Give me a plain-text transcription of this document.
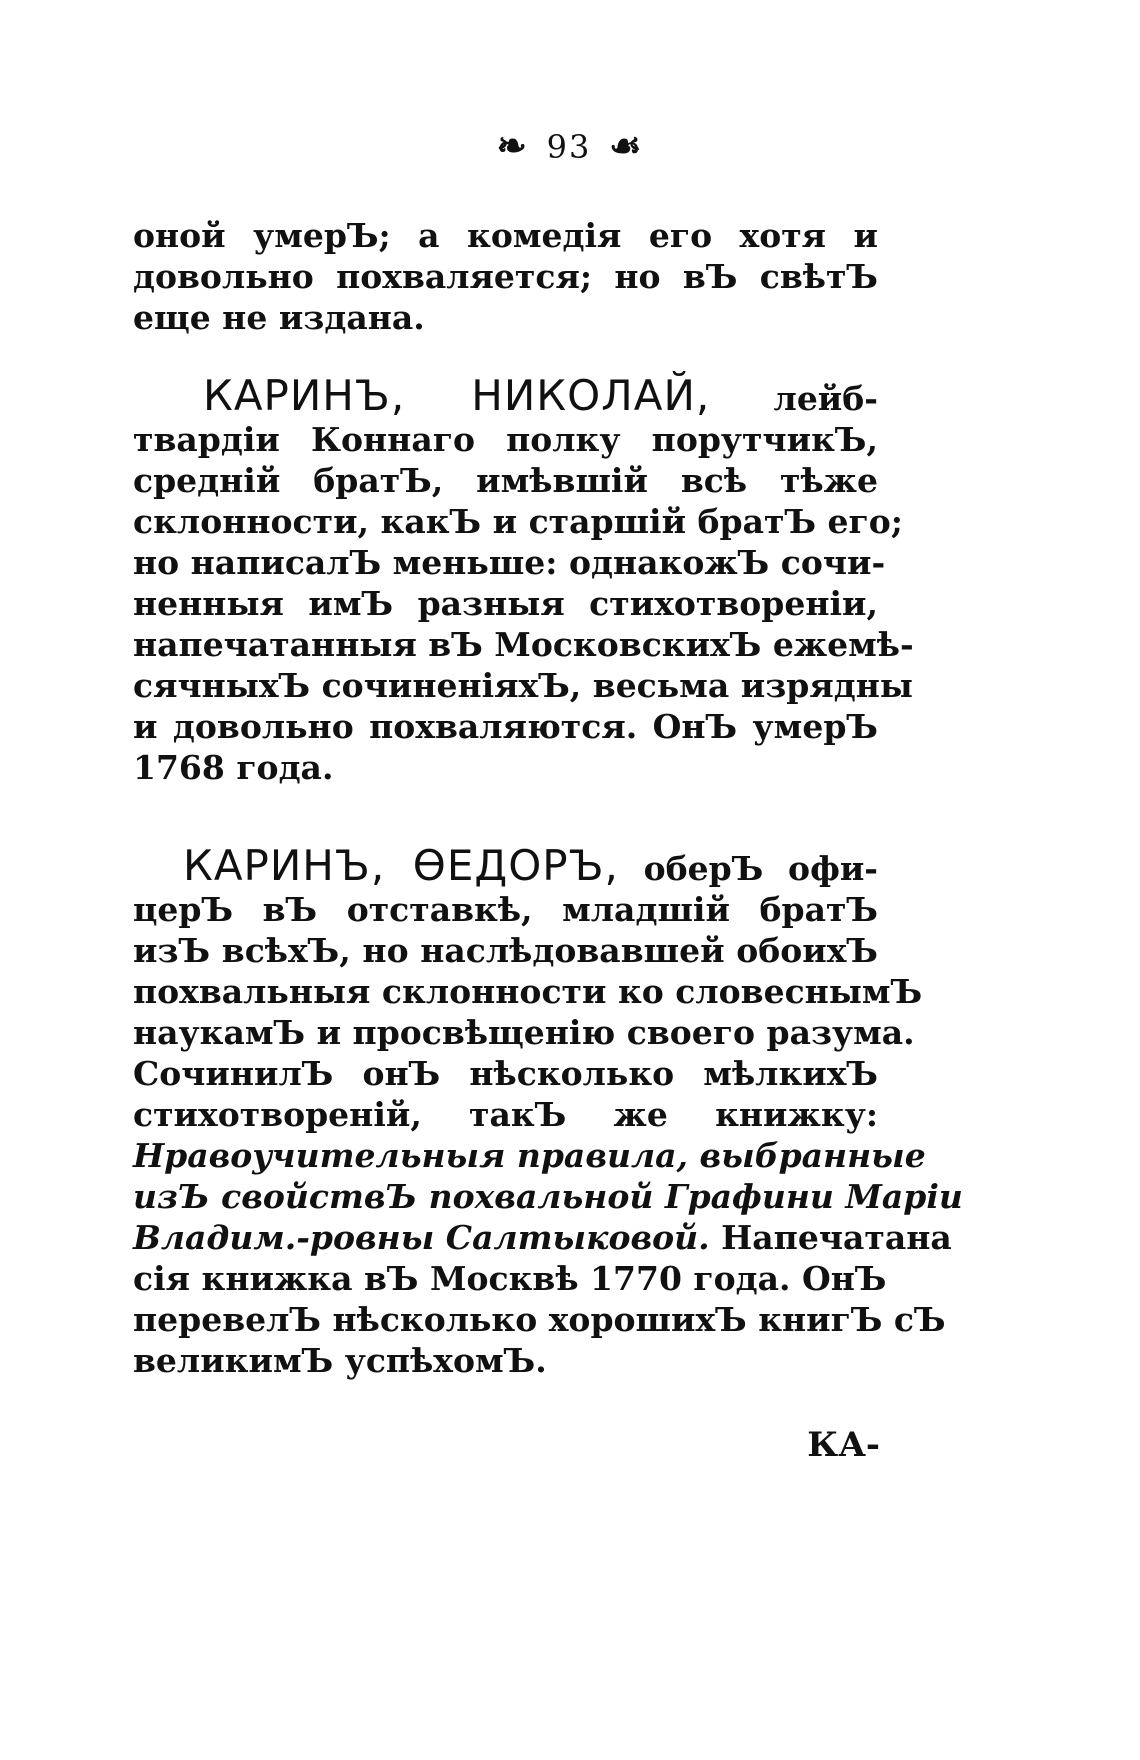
❧ 93 ☙
оной умерЪ; а комедія его хотя и
довольно похваляется; но вЪ свѣтЪ
еще не издана.
КАРИНЪ, НИКОЛАЙ, лейб-
твардіи Коннаго полку порутчикЪ,
средній братЪ, имѣвшій всѣ тѣже
склонности, какЪ и старшій братЪ его;
но написалЪ меньше: однакожЪ сочи-
ненныя имЪ разныя стихотвореніи,
напечатанныя вЪ МосковскихЪ ежемѣ-
сячныхЪ сочиненіяхЪ, весьма изрядны
и довольно похваляются. ОнЪ умерЪ
1768 года.
КАРИНЪ, ѲЕДОРЪ, оберЪ офи-
церЪ вЪ отставкѣ, младшій братЪ
изЪ всѣхЪ, но наслѣдовавшей обоихЪ
похвальныя склонности ко словеснымЪ
наукамЪ и просвѣщенію своего разума.
СочинилЪ онЪ нѣсколько мѣлкихЪ
стихотвореній, такЪ же книжку:
Нравоучительныя правила, выбранные
изЪ свойствЪ похвальной Графини Маріи
Владим.-ровны Салтыковой. Напечатана
сія книжка вЪ Москвѣ 1770 года. ОнЪ
перевелЪ нѣсколько хорошихЪ книгЪ сЪ
великимЪ успѣхомЪ.
КА-
